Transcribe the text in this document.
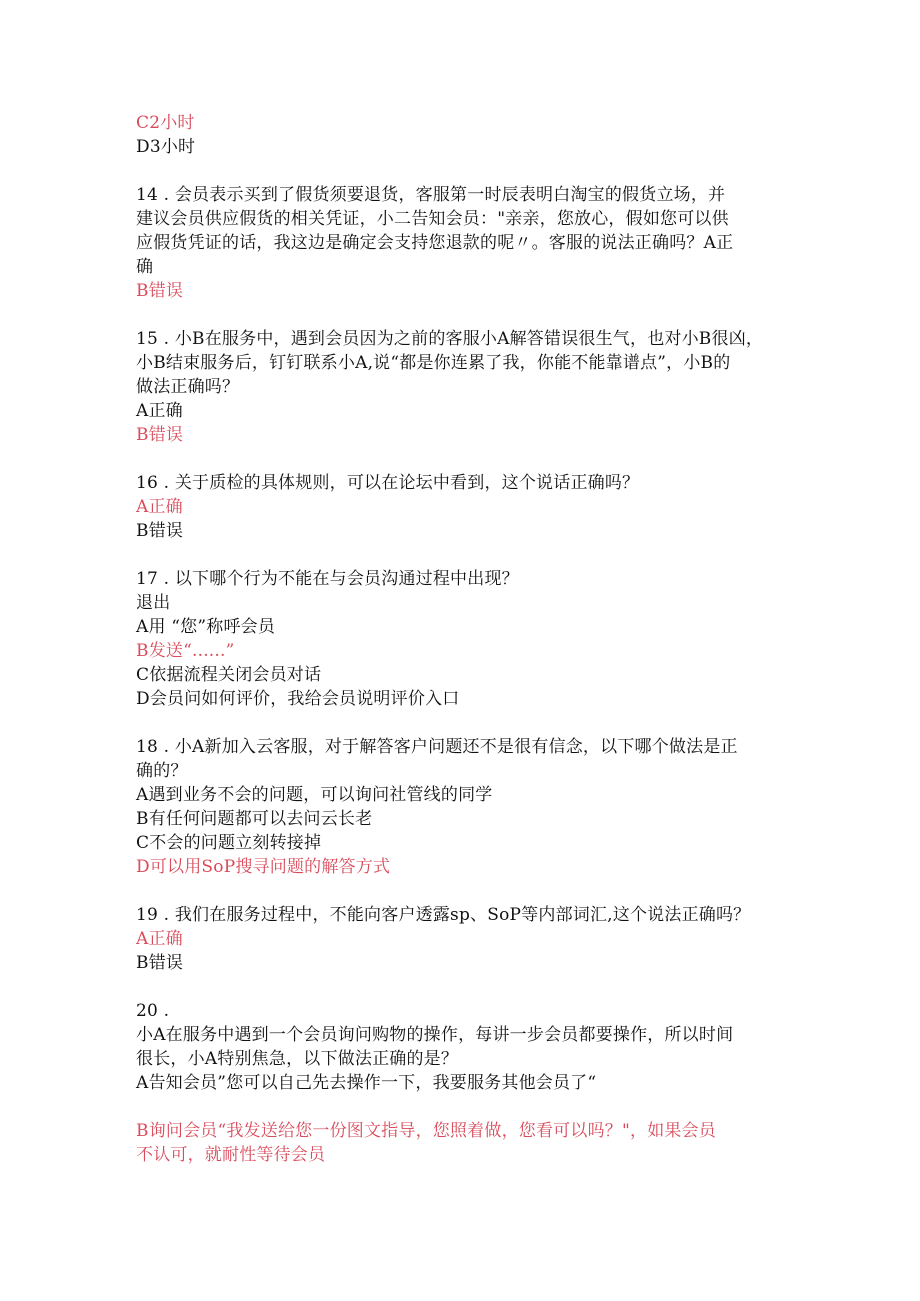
C2小时

D3小时

14 . 会员表示买到了假货须要退货，客服第一时辰表明白淘宝的假货立场，并

建议会员供应假货的相关凭证，小二告知会员："亲亲，您放心，假如您可以供

应假货凭证的话，我这边是确定会支持您退款的呢〃。客服的说法正确吗？A正

确

B错误

15 . 小B在服务中，遇到会员因为之前的客服小A解答错误很生气，也对小B很凶，

小B结束服务后，钉钉联系小A,说“都是你连累了我，你能不能靠谱点”，小B的

做法正确吗？

A正确

B错误

16 . 关于质检的具体规则，可以在论坛中看到，这个说话正确吗？

A正确

B错误

17 . 以下哪个行为不能在与会员沟通过程中出现？

退出

A用 “您”称呼会员

B发送“......”

C依据流程关闭会员对话

D会员问如何评价，我给会员说明评价入口

18 . 小A新加入云客服，对于解答客户问题还不是很有信念，以下哪个做法是正

确的？

A遇到业务不会的问题，可以询问社管线的同学

B有任何问题都可以去问云长老

C不会的问题立刻转接掉

D可以用SoP搜寻问题的解答方式

19 . 我们在服务过程中，不能向客户透露sp、SoP等内部词汇,这个说法正确吗？

A正确

B错误

20 .

小A在服务中遇到一个会员询问购物的操作，每讲一步会员都要操作，所以时间

很长，小A特别焦急，以下做法正确的是？

A告知会员”您可以自己先去操作一下，我要服务其他会员了“

B询问会员“我发送给您一份图文指导，您照着做，您看可以吗？"，如果会员

不认可，就耐性等待会员
